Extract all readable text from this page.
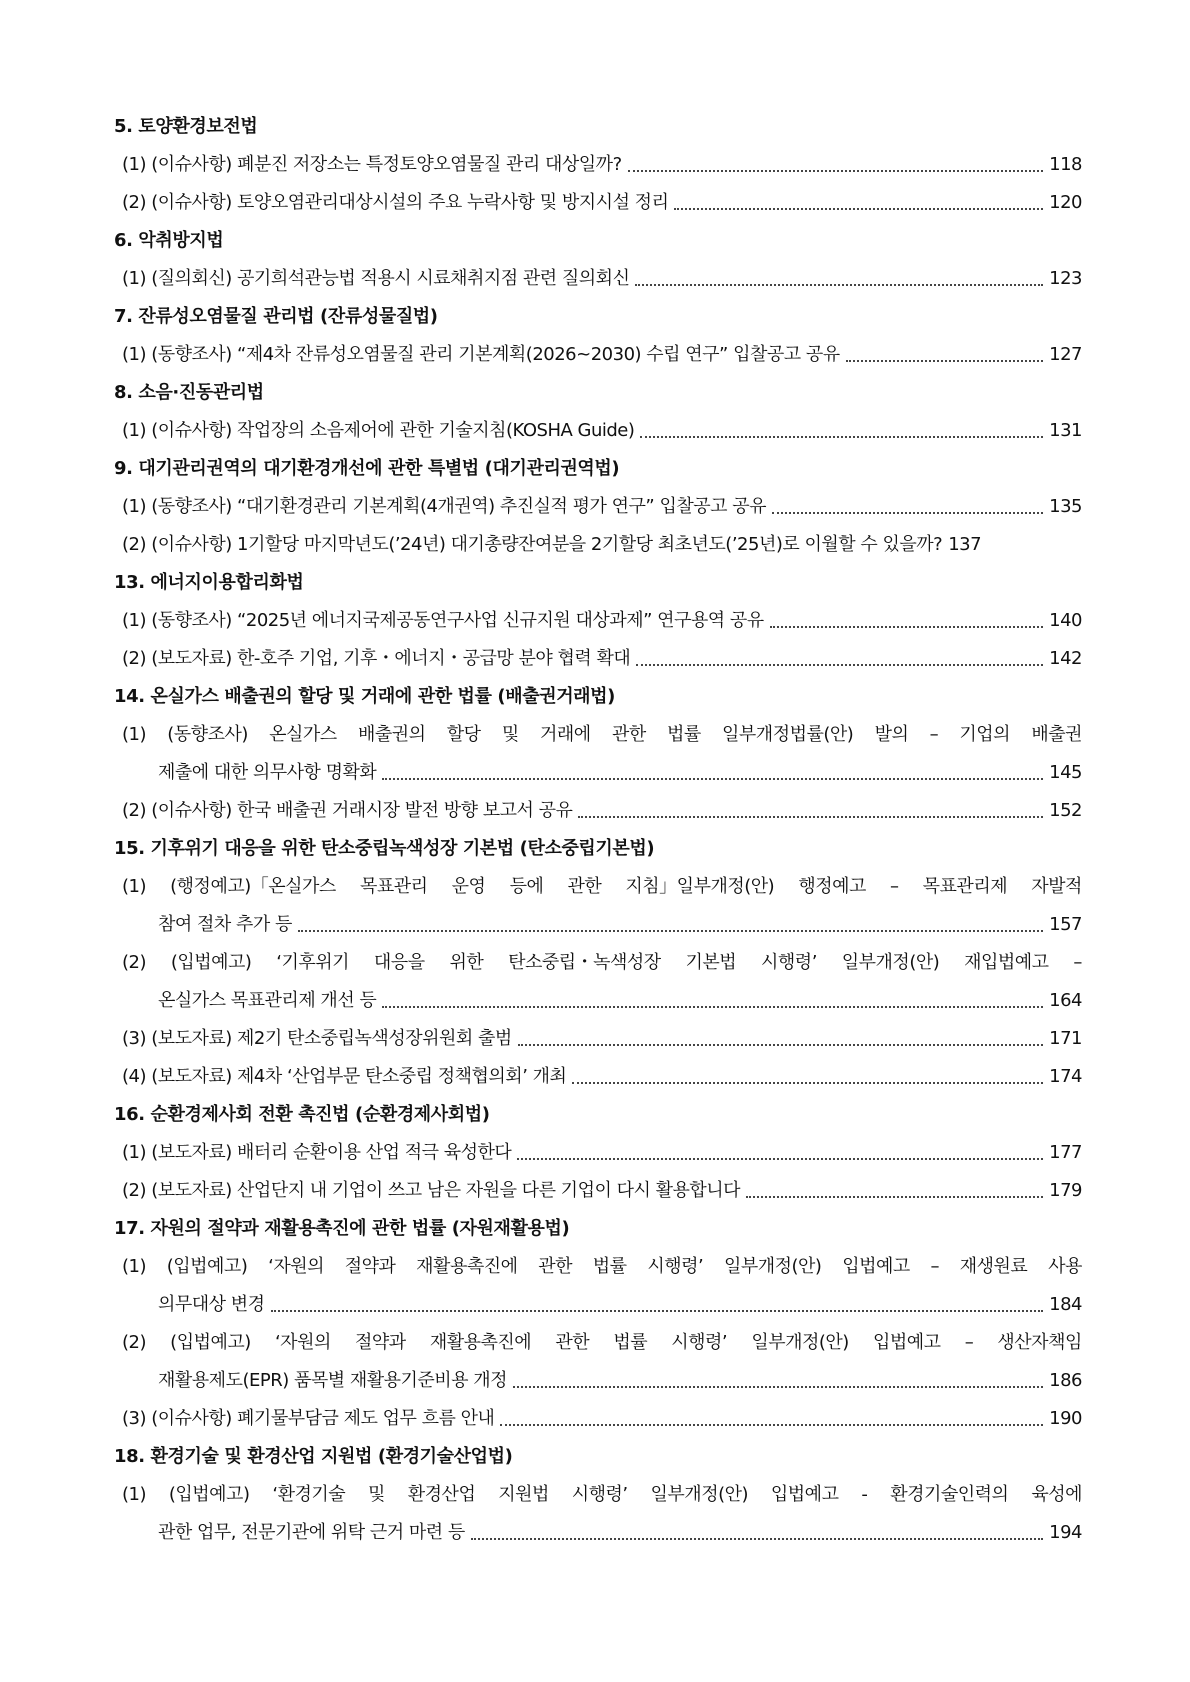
5. 토양환경보전법
(1) (이슈사항) 폐분진 저장소는 특정토양오염물질 관리 대상일까?	118
(2) (이슈사항) 토양오염관리대상시설의 주요 누락사항 및 방지시설 정리	120
6. 악취방지법
(1) (질의회신) 공기희석관능법 적용시 시료채취지점 관련 질의회신	123
7. 잔류성오염물질 관리법 (잔류성물질법)
(1) (동향조사) “제4차 잔류성오염물질 관리 기본계획(2026~2030) 수립 연구” 입찰공고 공유	127
8. 소음·진동관리법
(1) (이슈사항) 작업장의 소음제어에 관한 기술지침(KOSHA Guide)	131
9. 대기관리권역의 대기환경개선에 관한 특별법 (대기관리권역법)
(1) (동향조사) “대기환경관리 기본계획(4개권역) 추진실적 평가 연구” 입찰공고 공유	135
(2) (이슈사항) 1기할당 마지막년도(’24년) 대기총량잔여분을 2기할당 최초년도(’25년)로 이월할 수 있을까? 137
13. 에너지이용합리화법
(1) (동향조사) “2025년 에너지국제공동연구사업 신규지원 대상과제” 연구용역 공유	140
(2) (보도자료) 한-호주 기업, 기후・에너지・공급망 분야 협력 확대	142
14. 온실가스 배출권의 할당 및 거래에 관한 법률 (배출권거래법)
(1) (동향조사) 온실가스 배출권의 할당 및 거래에 관한 법률 일부개정법률(안) 발의 – 기업의 배출권
제출에 대한 의무사항 명확화	145
(2) (이슈사항) 한국 배출권 거래시장 발전 방향 보고서 공유	152
15. 기후위기 대응을 위한 탄소중립녹색성장 기본법 (탄소중립기본법)
(1) (행정예고)「온실가스 목표관리 운영 등에 관한 지침」일부개정(안) 행정예고 – 목표관리제 자발적
참여 절차 추가 등	157
(2) (입법예고) ‘기후위기 대응을 위한 탄소중립・녹색성장 기본법 시행령’ 일부개정(안) 재입법예고 –
온실가스 목표관리제 개선 등	164
(3) (보도자료) 제2기 탄소중립녹색성장위원회 출범	171
(4) (보도자료) 제4차 ‘산업부문 탄소중립 정책협의회’ 개최	174
16. 순환경제사회 전환 촉진법 (순환경제사회법)
(1) (보도자료) 배터리 순환이용 산업 적극 육성한다	177
(2) (보도자료) 산업단지 내 기업이 쓰고 남은 자원을 다른 기업이 다시 활용합니다	179
17. 자원의 절약과 재활용촉진에 관한 법률 (자원재활용법)
(1) (입법예고) ‘자원의 절약과 재활용촉진에 관한 법률 시행령’ 일부개정(안) 입법예고 – 재생원료 사용
의무대상 변경	184
(2) (입법예고) ‘자원의 절약과 재활용촉진에 관한 법률 시행령’ 일부개정(안) 입법예고 – 생산자책임
재활용제도(EPR) 품목별 재활용기준비용 개정	186
(3) (이슈사항) 폐기물부담금 제도 업무 흐름 안내	190
18. 환경기술 및 환경산업 지원법 (환경기술산업법)
(1) (입법예고) ‘환경기술 및 환경산업 지원법 시행령’ 일부개정(안) 입법예고 - 환경기술인력의 육성에
관한 업무, 전문기관에 위탁 근거 마련 등	194
